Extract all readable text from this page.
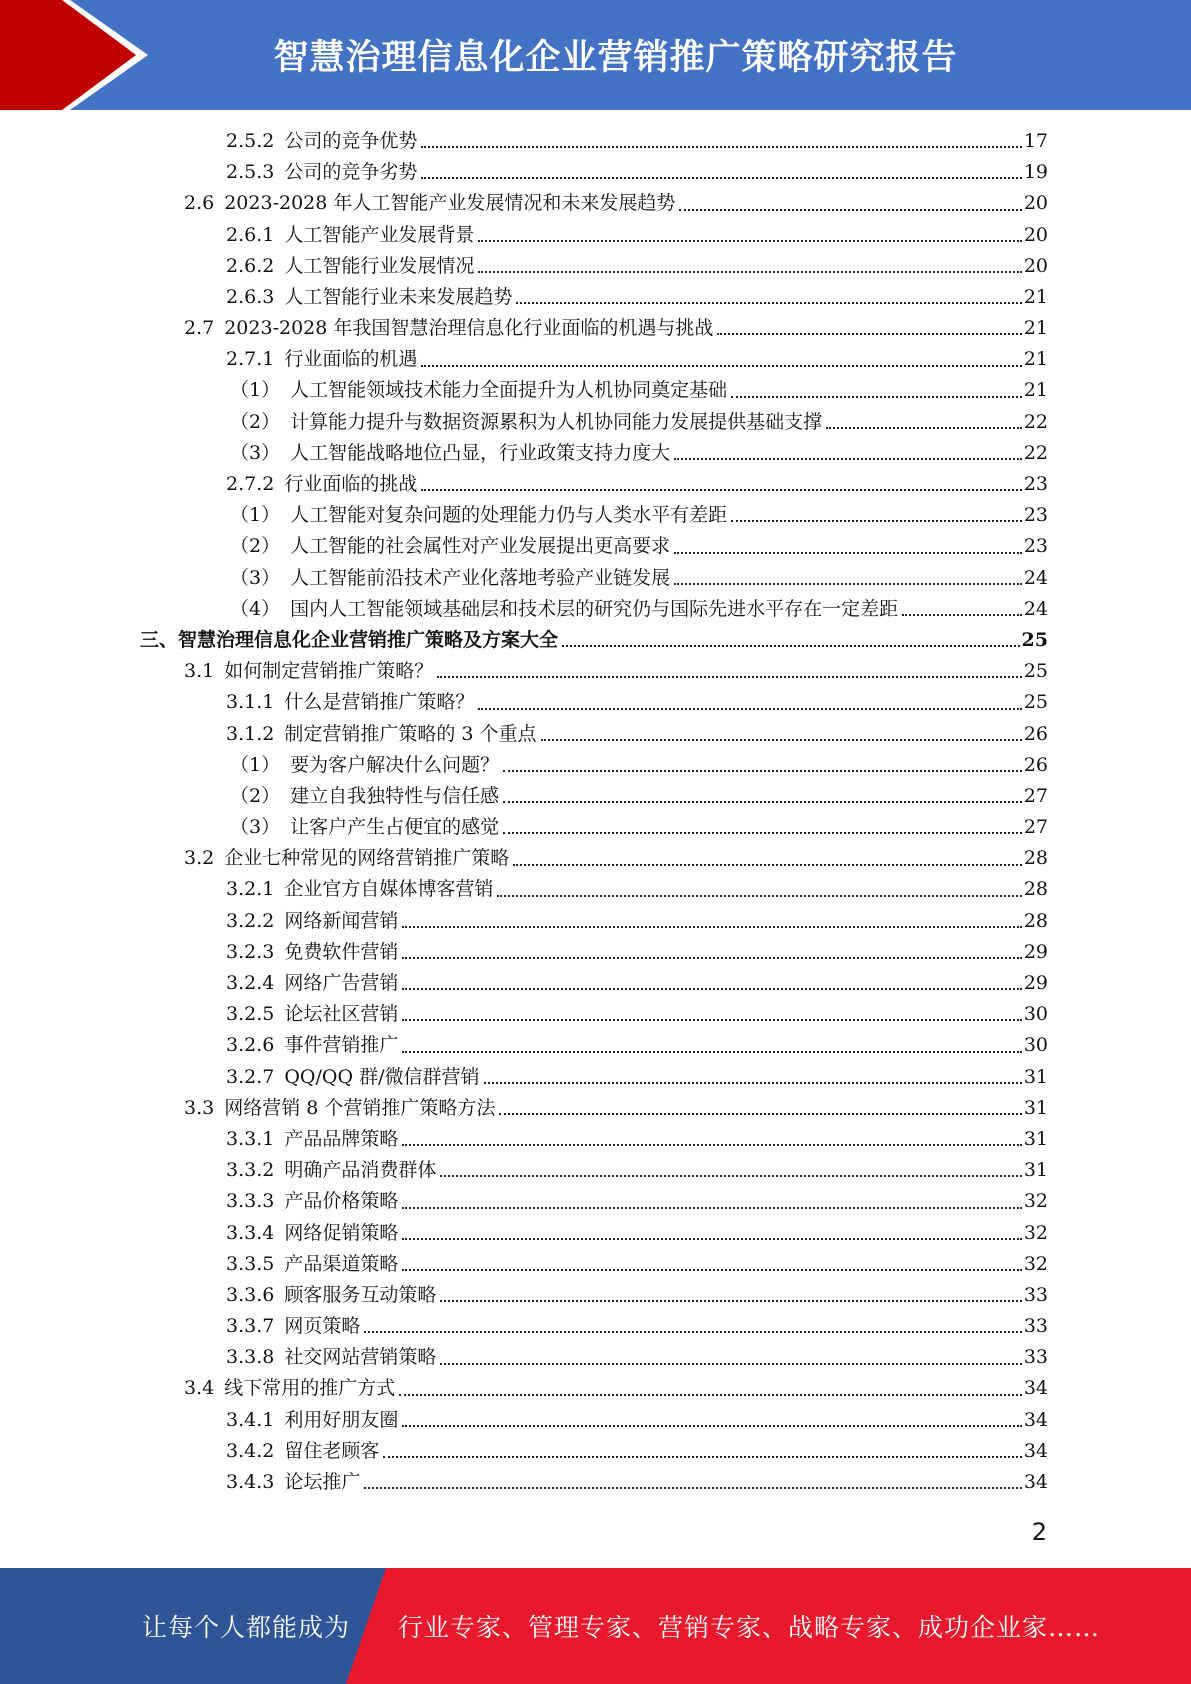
智慧治理信息化企业营销推广策略研究报告
2.5.2 公司的竞争优势	17
2.5.3 公司的竞争劣势	19
2.6 2023-2028 年人工智能产业发展情况和未来发展趋势	20
2.6.1 人工智能产业发展背景	20
2.6.2 人工智能行业发展情况	20
2.6.3 人工智能行业未来发展趋势	21
2.7 2023-2028 年我国智慧治理信息化行业面临的机遇与挑战	21
2.7.1 行业面临的机遇	21
（1） 人工智能领域技术能力全面提升为人机协同奠定基础	21
（2） 计算能力提升与数据资源累积为人机协同能力发展提供基础支撑	22
（3） 人工智能战略地位凸显，行业政策支持力度大	22
2.7.2 行业面临的挑战	23
（1） 人工智能对复杂问题的处理能力仍与人类水平有差距	23
（2） 人工智能的社会属性对产业发展提出更高要求	23
（3） 人工智能前沿技术产业化落地考验产业链发展	24
（4） 国内人工智能领域基础层和技术层的研究仍与国际先进水平存在一定差距	24
三、 智慧治理信息化企业营销推广策略及方案大全	25
3.1 如何制定营销推广策略？	25
3.1.1 什么是营销推广策略？	25
3.1.2 制定营销推广策略的 3 个重点	26
（1） 要为客户解决什么问题？	26
（2） 建立自我独特性与信任感	27
（3） 让客户产生占便宜的感觉	27
3.2 企业七种常见的网络营销推广策略	28
3.2.1 企业官方自媒体博客营销	28
3.2.2 网络新闻营销	28
3.2.3 免费软件营销	29
3.2.4 网络广告营销	29
3.2.5 论坛社区营销	30
3.2.6 事件营销推广	30
3.2.7 QQ/QQ 群/微信群营销	31
3.3 网络营销 8 个营销推广策略方法	31
3.3.1 产品品牌策略	31
3.3.2 明确产品消费群体	31
3.3.3 产品价格策略	32
3.3.4 网络促销策略	32
3.3.5 产品渠道策略	32
3.3.6 顾客服务互动策略	33
3.3.7 网页策略	33
3.3.8 社交网站营销策略	33
3.4 线下常用的推广方式	34
3.4.1 利用好朋友圈	34
3.4.2 留住老顾客	34
3.4.3 论坛推广	34
2
让每个人都能成为 行业专家、管理专家、营销专家、战略专家、成功企业家……
